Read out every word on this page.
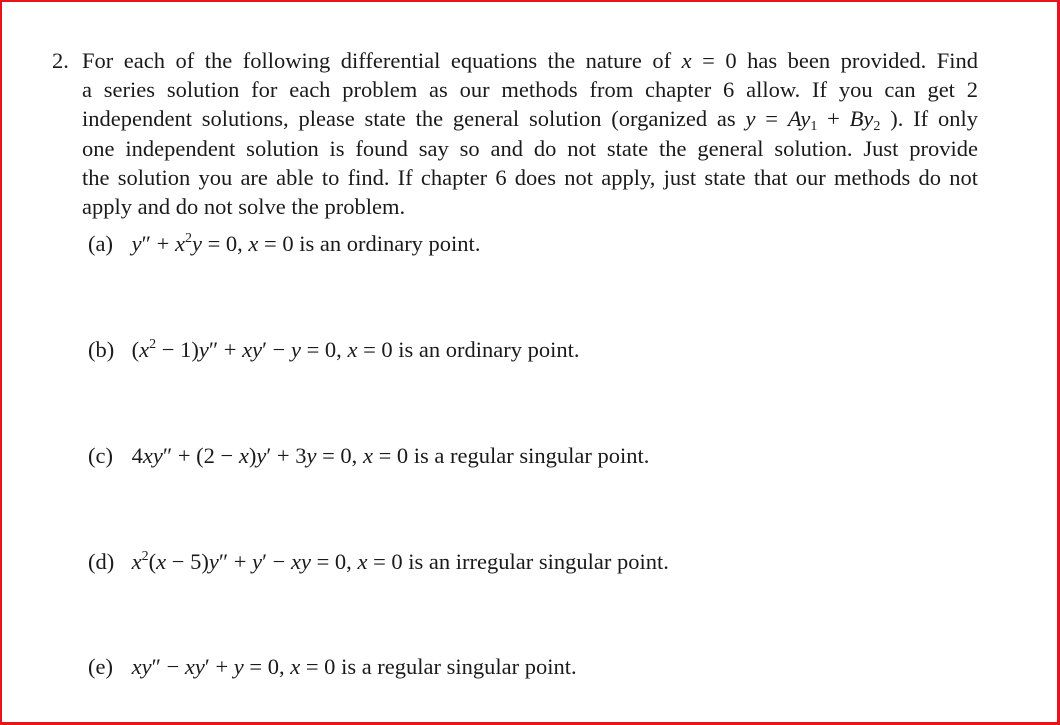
2. For each of the following differential equations the nature of x = 0 has been provided. Find
a series solution for each problem as our methods from chapter 6 allow. If you can get 2
independent solutions, please state the general solution (organized as $y = Ay_1 + By_2$ ). If only
one independent solution is found say so and do not state the general solution. Just provide
the solution you are able to find. If chapter 6 does not apply, just state that our methods do not
apply and do not solve the problem.
(a) $y'' + x^2y = 0$, x = 0 is an ordinary point.
(b) $(x^2 - 1)y'' + xy' - y = 0$, x = 0 is an ordinary point.
(c) 4xy″ + (2 − x)y′ + 3y = 0, x = 0 is a regular singular point.
(d) $x^2(x - 5)y'' + y'$ − xy = 0, x = 0 is an irregular singular point.
(e) xy″ − xy′ + y = 0, x = 0 is a regular singular point.
